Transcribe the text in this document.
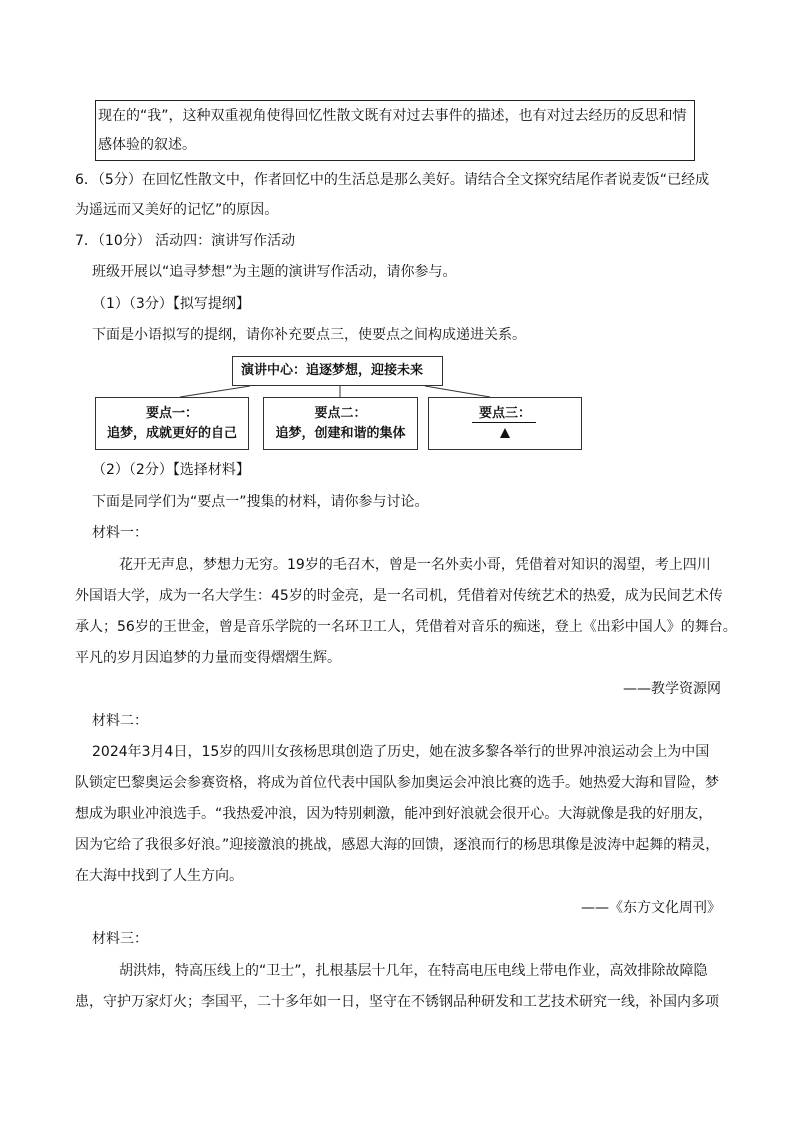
现在的“我”，这种双重视角使得回忆性散文既有对过去事件的描述，也有对过去经历的反思和情
感体验的叙述。
6．（5分）在回忆性散文中，作者回忆中的生活总是那么美好。请结合全文探究结尾作者说麦饭“已经成
为遥远而又美好的记忆”的原因。
7．（10分） 活动四：演讲写作活动
班级开展以“追寻梦想”为主题的演讲写作活动，请你参与。
（1）（3分）【拟写提纲】
下面是小语拟写的提纲，请你补充要点三，使要点之间构成递进关系。
演讲中心：追逐梦想，迎接未来
要点一：
追梦，成就更好的自己
要点二：
追梦，创建和谐的集体
要点三：
（2）（2分）【选择材料】
下面是同学们为“要点一”搜集的材料，请你参与讨论。
材料一：
花开无声息，梦想力无穷。19岁的毛召木，曾是一名外卖小哥，凭借着对知识的渴望，考上四川
外国语大学，成为一名大学生：45岁的时金亮，是一名司机，凭借着对传统艺术的热爱，成为民间艺术传
承人；56岁的王世金，曾是音乐学院的一名环卫工人，凭借着对音乐的痴迷，登上《出彩中国人》的舞台。
平凡的岁月因追梦的力量而变得熠熠生辉。
——教学资源网
材料二：
2024年3月4日，15岁的四川女孩杨思琪创造了历史，她在波多黎各举行的世界冲浪运动会上为中国
队锁定巴黎奥运会参赛资格，将成为首位代表中国队参加奥运会冲浪比赛的选手。她热爱大海和冒险，梦
想成为职业冲浪选手。“我热爱冲浪，因为特别刺激，能冲到好浪就会很开心。大海就像是我的好朋友，
因为它给了我很多好浪。”迎接激浪的挑战，感恩大海的回馈，逐浪而行的杨思琪像是波涛中起舞的精灵，
在大海中找到了人生方向。
——《东方文化周刊》
材料三：
胡洪炜，特高压线上的“卫士”，扎根基层十几年，在特高电压电线上带电作业，高效排除故障隐
患，守护万家灯火；李国平，二十多年如一日，坚守在不锈钢品种研发和工艺技术研究一线，补国内多项
